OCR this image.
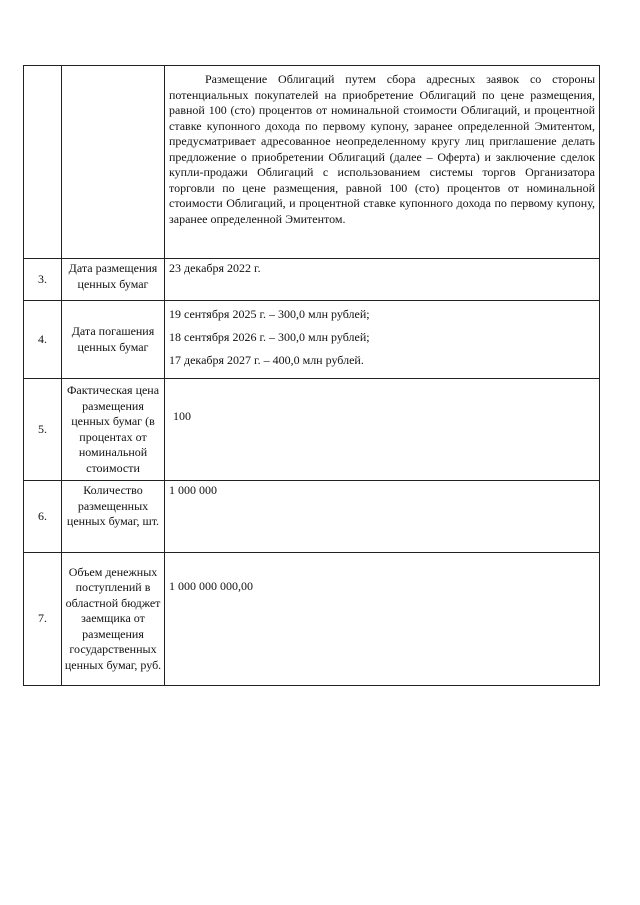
		Размещение Облигаций путем сбора адресных заявок со стороны потенциальных покупателей на приобретение Облигаций по цене размещения, равной 100 (сто) процентов от номинальной стоимости Облигаций, и процентной ставке купонного дохода по первому купону, заранее определенной Эмитентом, предусматривает адресованное неопределенному кругу лиц приглашение делать предложение о приобретении Облигаций (далее – Оферта) и заключение сделок купли-продажи Облигаций с использованием системы торгов Организатора торговли по цене размещения, равной 100 (сто) процентов от номинальной стоимости Облигаций, и процентной ставке купонного дохода по первому купону, заранее определенной Эмитентом.

3.	Дата размещения ценных бумаг	23 декабря 2022 г.
4.	Дата погашения ценных бумаг	19 сентября 2025 г. – 300,0 млн рублей;

18 сентября 2026 г. – 300,0 млн рублей;

17 декабря 2027 г. – 400,0 млн рублей.

5.	Фактическая цена размещения ценных бумаг (в процентах от номинальной стоимости	100

6.	Количество размещенных ценных бумаг, шт.	1 000 000
7.	Объем денежных поступлений в областной бюджет заемщика от размещения государственных ценных бумаг, руб.	1 000 000 000,00
